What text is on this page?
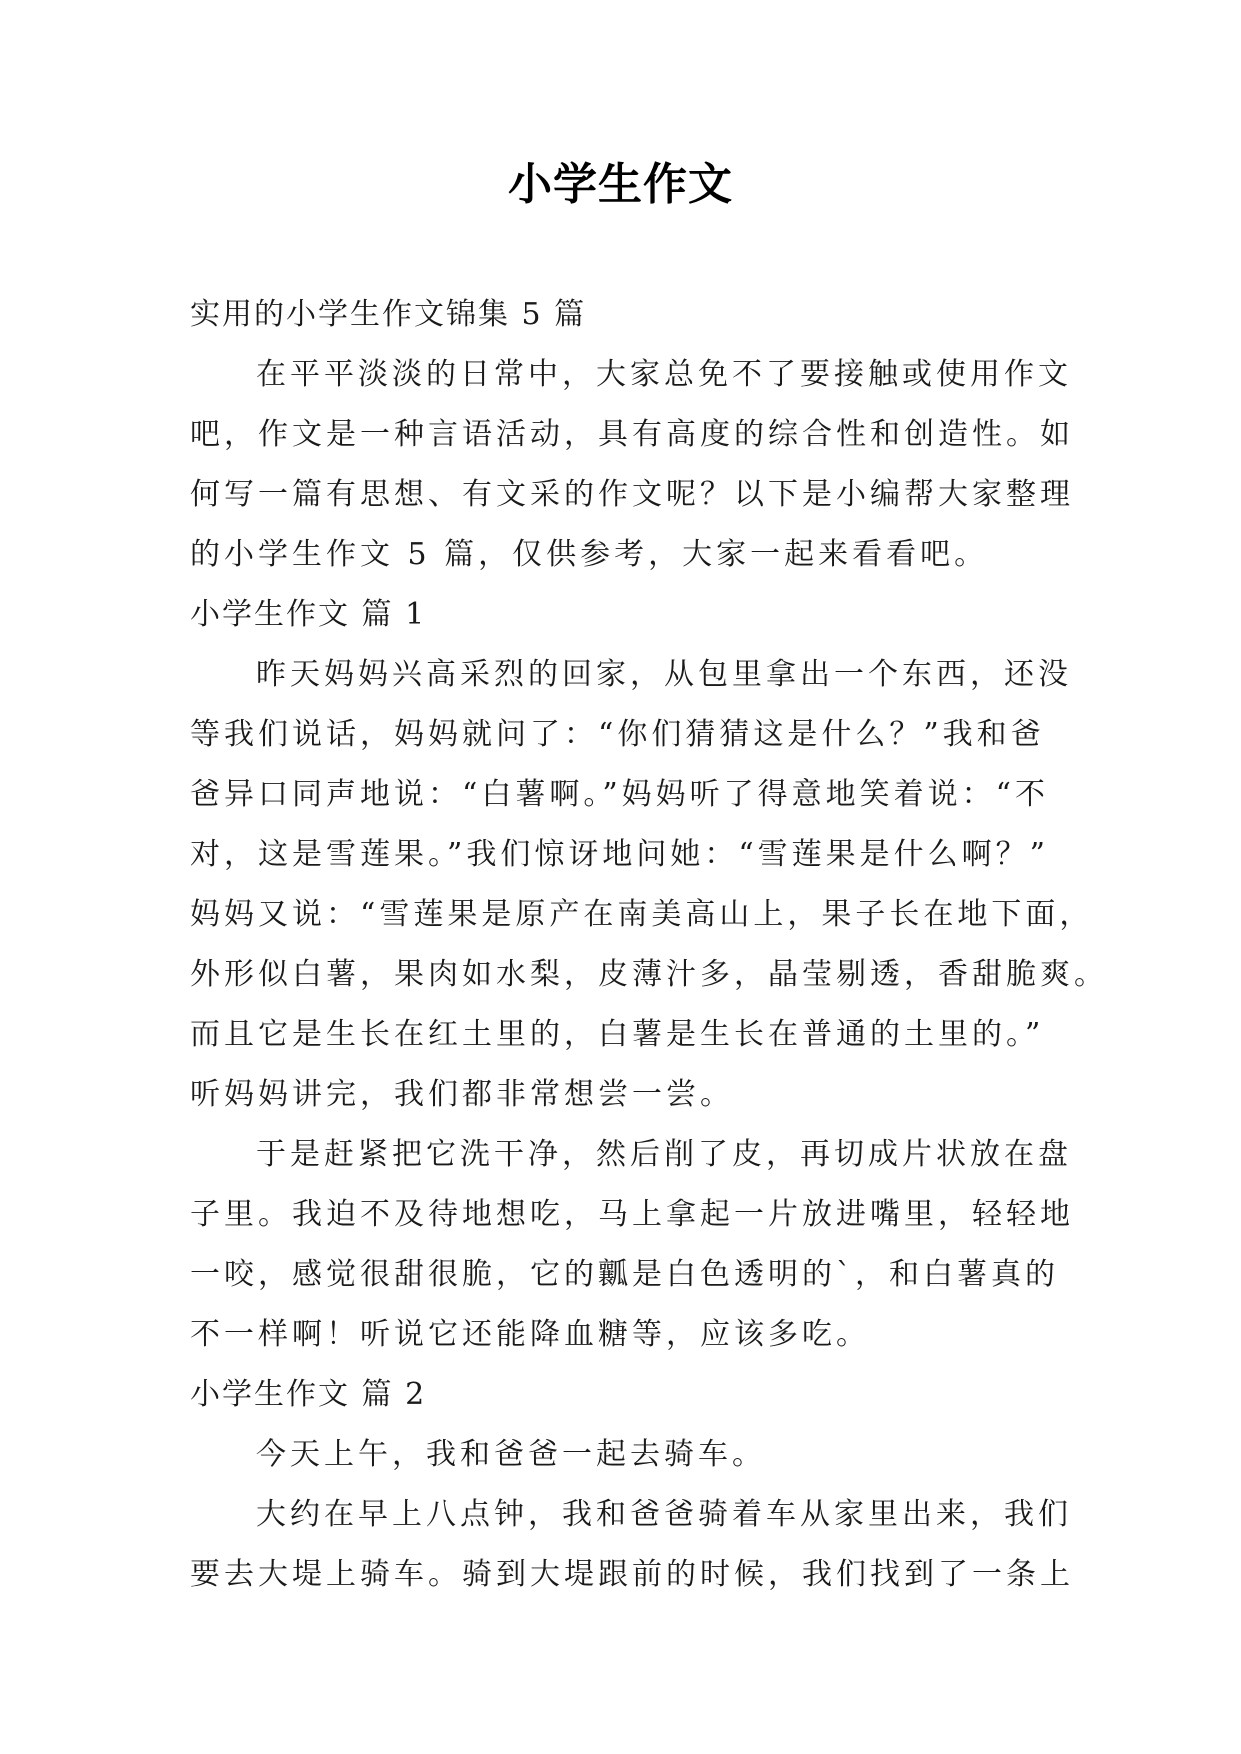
小学生作文
实用的小学生作文锦集 5 篇
在平平淡淡的日常中，大家总免不了要接触或使用作文
吧，作文是一种言语活动，具有高度的综合性和创造性。如
何写一篇有思想、有文采的作文呢？以下是小编帮大家整理
的小学生作文 5 篇，仅供参考，大家一起来看看吧。
小学生作文 篇 1
昨天妈妈兴高采烈的回家，从包里拿出一个东西，还没
等我们说话，妈妈就问了：“你们猜猜这是什么？”我和爸
爸异口同声地说：“白薯啊。”妈妈听了得意地笑着说：“不
对，这是雪莲果。”我们惊讶地问她：“雪莲果是什么啊？”
妈妈又说：“雪莲果是原产在南美高山上，果子长在地下面，
外形似白薯，果肉如水梨，皮薄汁多，晶莹剔透，香甜脆爽。
而且它是生长在红土里的，白薯是生长在普通的土里的。”
听妈妈讲完，我们都非常想尝一尝。
于是赶紧把它洗干净，然后削了皮，再切成片状放在盘
子里。我迫不及待地想吃，马上拿起一片放进嘴里，轻轻地
一咬，感觉很甜很脆，它的瓤是白色透明的`，和白薯真的
不一样啊！听说它还能降血糖等，应该多吃。
小学生作文 篇 2
今天上午，我和爸爸一起去骑车。
大约在早上八点钟，我和爸爸骑着车从家里出来，我们
要去大堤上骑车。骑到大堤跟前的时候，我们找到了一条上
